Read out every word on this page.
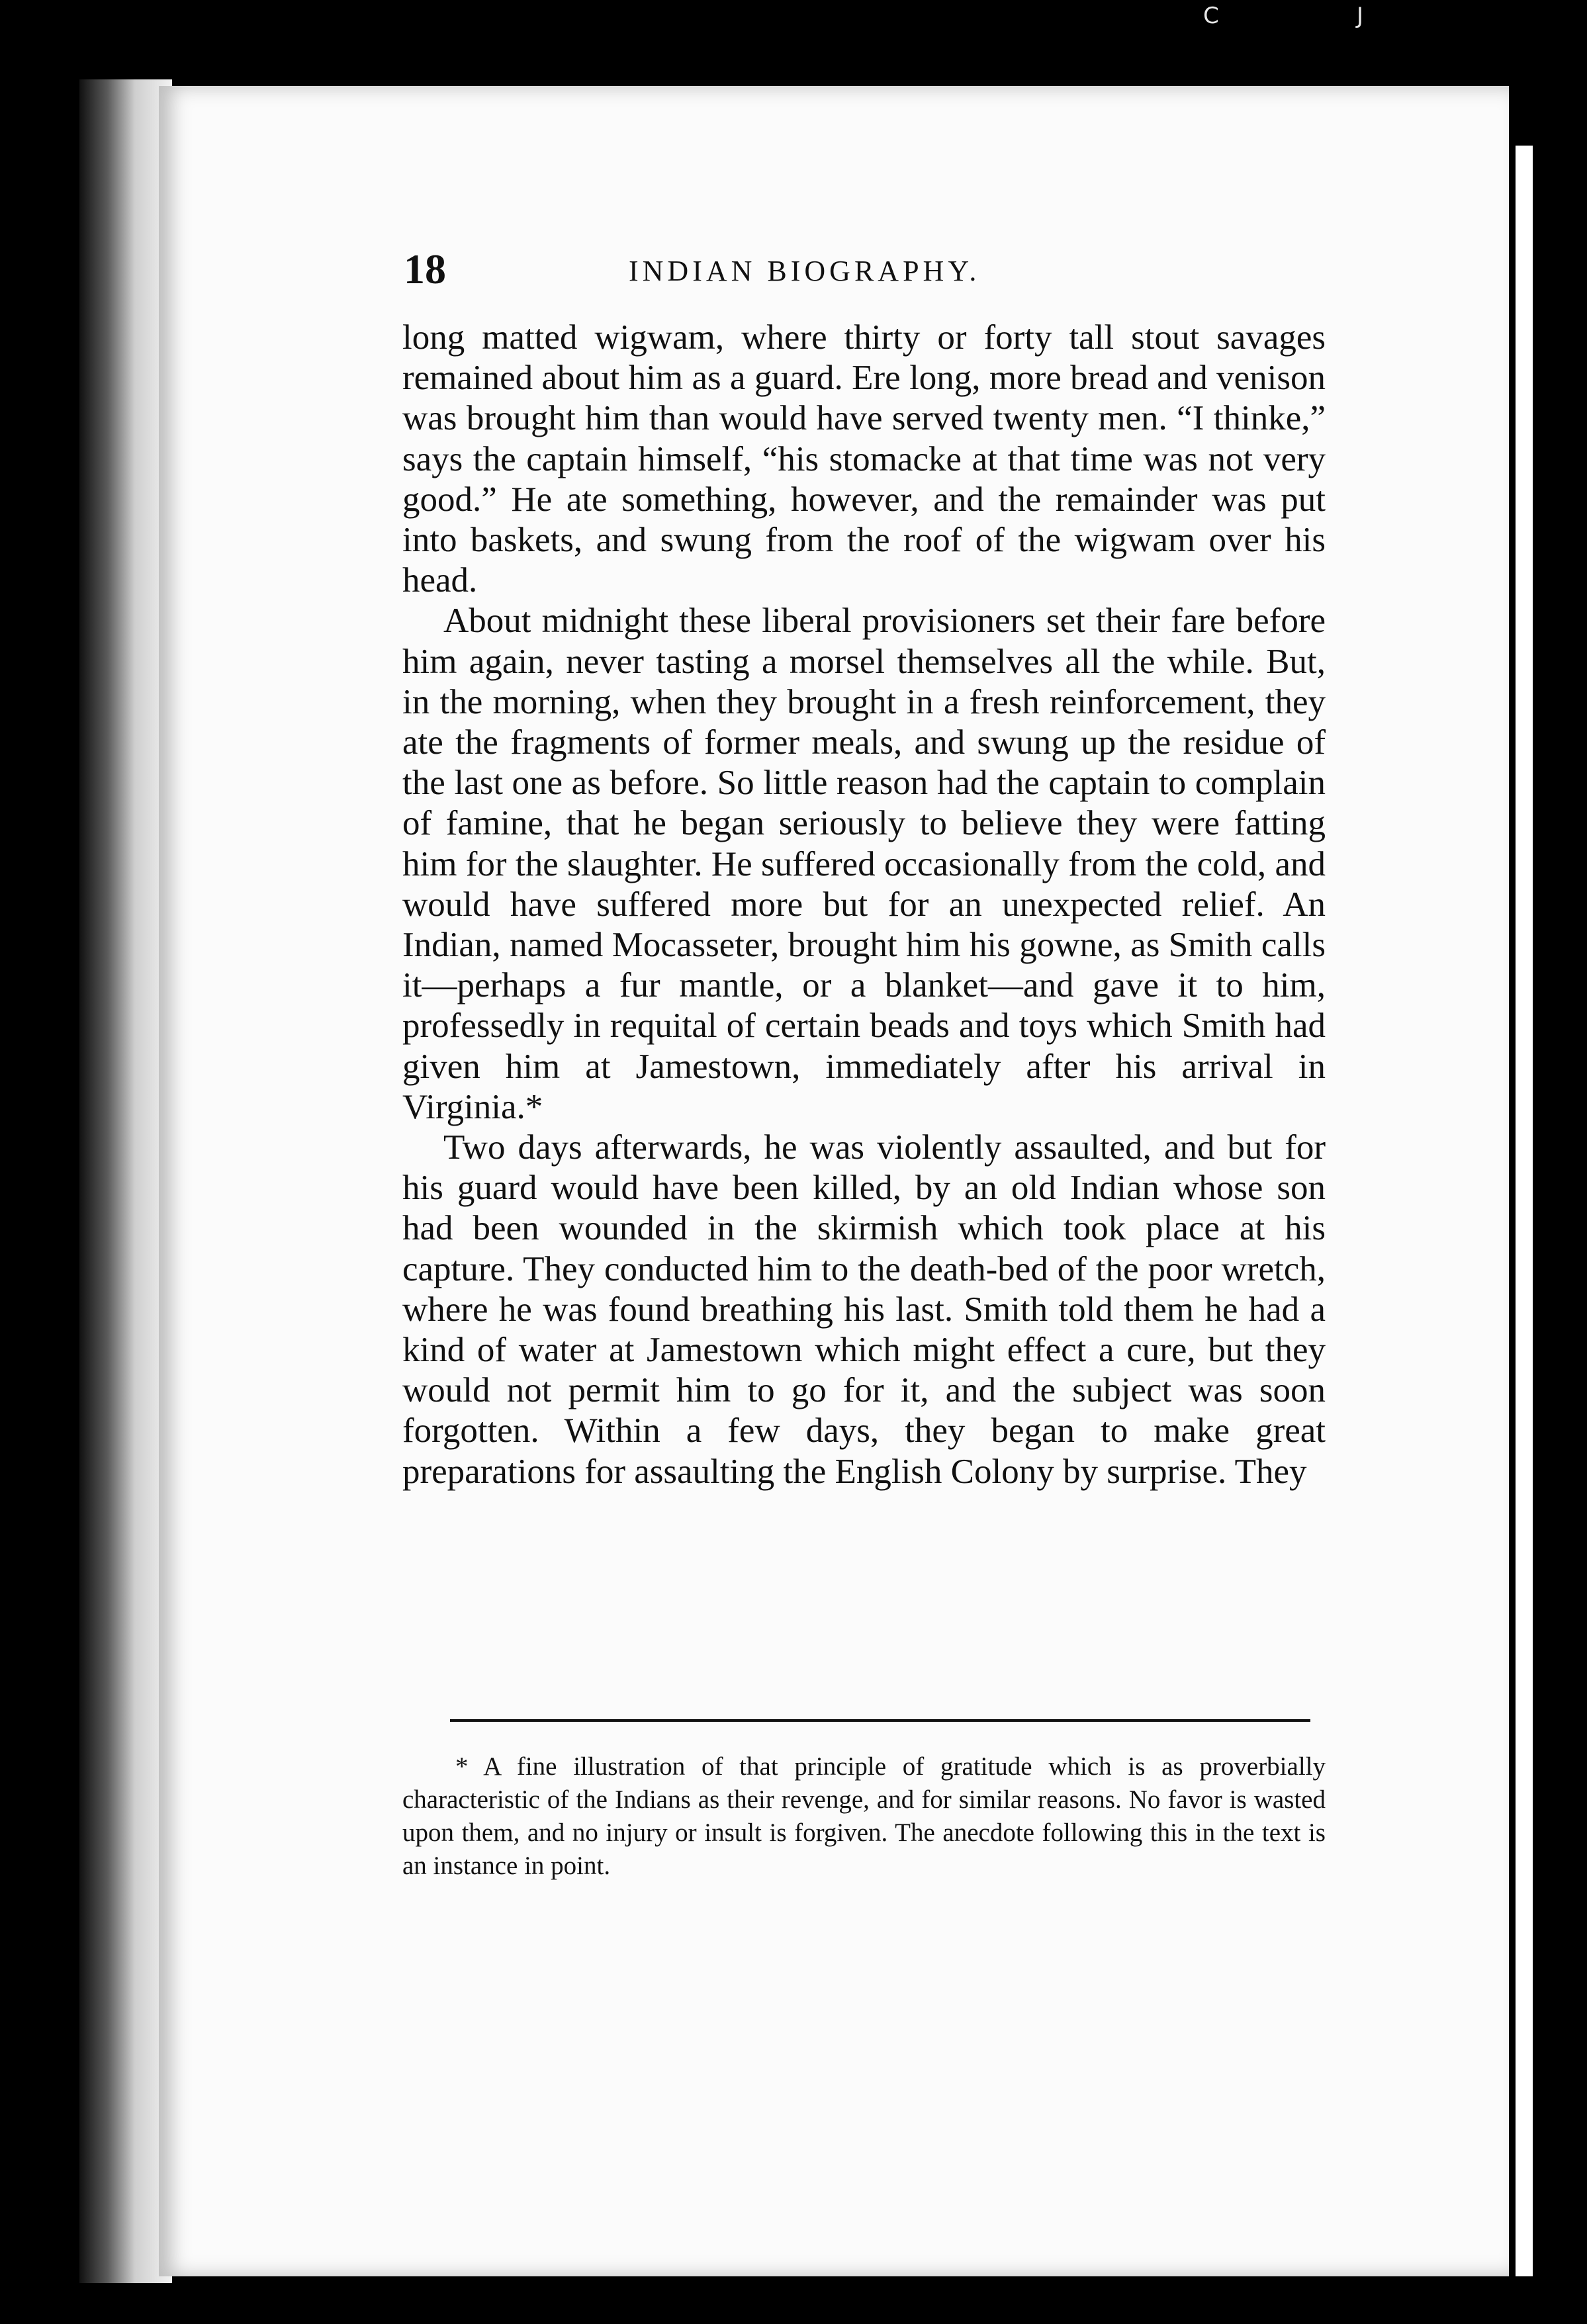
C	J
18	INDIAN BIOGRAPHY.

long matted wigwam, where thirty or forty tall stout savages remained about him as a guard. Ere long, more bread and venison was brought him than would have served twenty men. “I thinke,” says the captain himself, “his stomacke at that time was not very good.” He ate something, however, and the remainder was put into baskets, and swung from the roof of the wigwam over his head.

About midnight these liberal provisioners set their fare before him again, never tasting a morsel themselves all the while. But, in the morning, when they brought in a fresh reinforcement, they ate the fragments of former meals, and swung up the residue of the last one as before. So little reason had the captain to complain of famine, that he began seriously to believe they were fatting him for the slaughter. He suffered occasionally from the cold, and would have suffered more but for an unexpected relief. An Indian, named Mocasseter, brought him his gowne, as Smith calls it—perhaps a fur mantle, or a blanket—and gave it to him, professedly in requital of certain beads and toys which Smith had given him at Jamestown, immediately after his arrival in Virginia.*

Two days afterwards, he was violently assaulted, and but for his guard would have been killed, by an old Indian whose son had been wounded in the skirmish which took place at his capture. They conducted him to the death-bed of the poor wretch, where he was found breathing his last. Smith told them he had a kind of water at Jamestown which might effect a cure, but they would not permit him to go for it, and the subject was soon forgotten. Within a few days, they began to make great preparations for assaulting the English Colony by surprise. They

* A fine illustration of that principle of gratitude which is as proverbially characteristic of the Indians as their revenge, and for similar reasons. No favor is wasted upon them, and no injury or insult is forgiven. The anecdote following this in the text is an instance in point.
